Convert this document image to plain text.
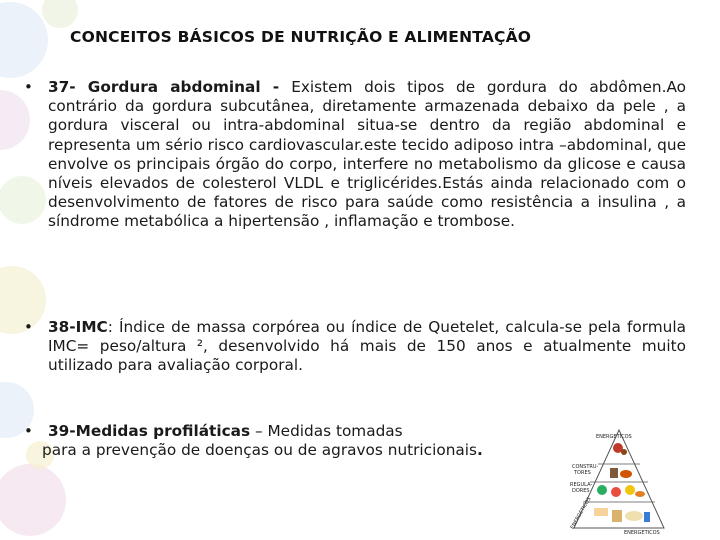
CONCEITOS BÁSICOS DE NUTRIÇÃO E ALIMENTAÇÃO
• 37- Gordura abdominal - Existem dois tipos de gordura do abdômen.Ao contrário da gordura subcutânea, diretamente armazenada debaixo da pele , a gordura visceral ou intra-abdominal situa-se dentro da região abdominal e representa um sério risco cardiovascular.este tecido adiposo intra –abdominal, que envolve os principais órgão do corpo, interfere no metabolismo da glicose e causa níveis elevados de colesterol VLDL e triglicérides.Estás ainda relacionado com o desenvolvimento de fatores de risco para saúde como resistência a insulina , a síndrome metabólica a hipertensão , inflamação e trombose.
• 38-IMC: Índice de massa corpórea ou índice de Quetelet, calcula-se pela formula IMC= peso/altura ², desenvolvido há mais de 150 anos e atualmente muito utilizado para avaliação corporal.
• 39-Medidas profiláticas – Medidas tomadas
para a prevenção de doenças ou de agravos nutricionais.
ENERGETICOS
CONSTRU-
TORES
REGULA-
DORES
ENERGETICOS
ENERGETICOS
